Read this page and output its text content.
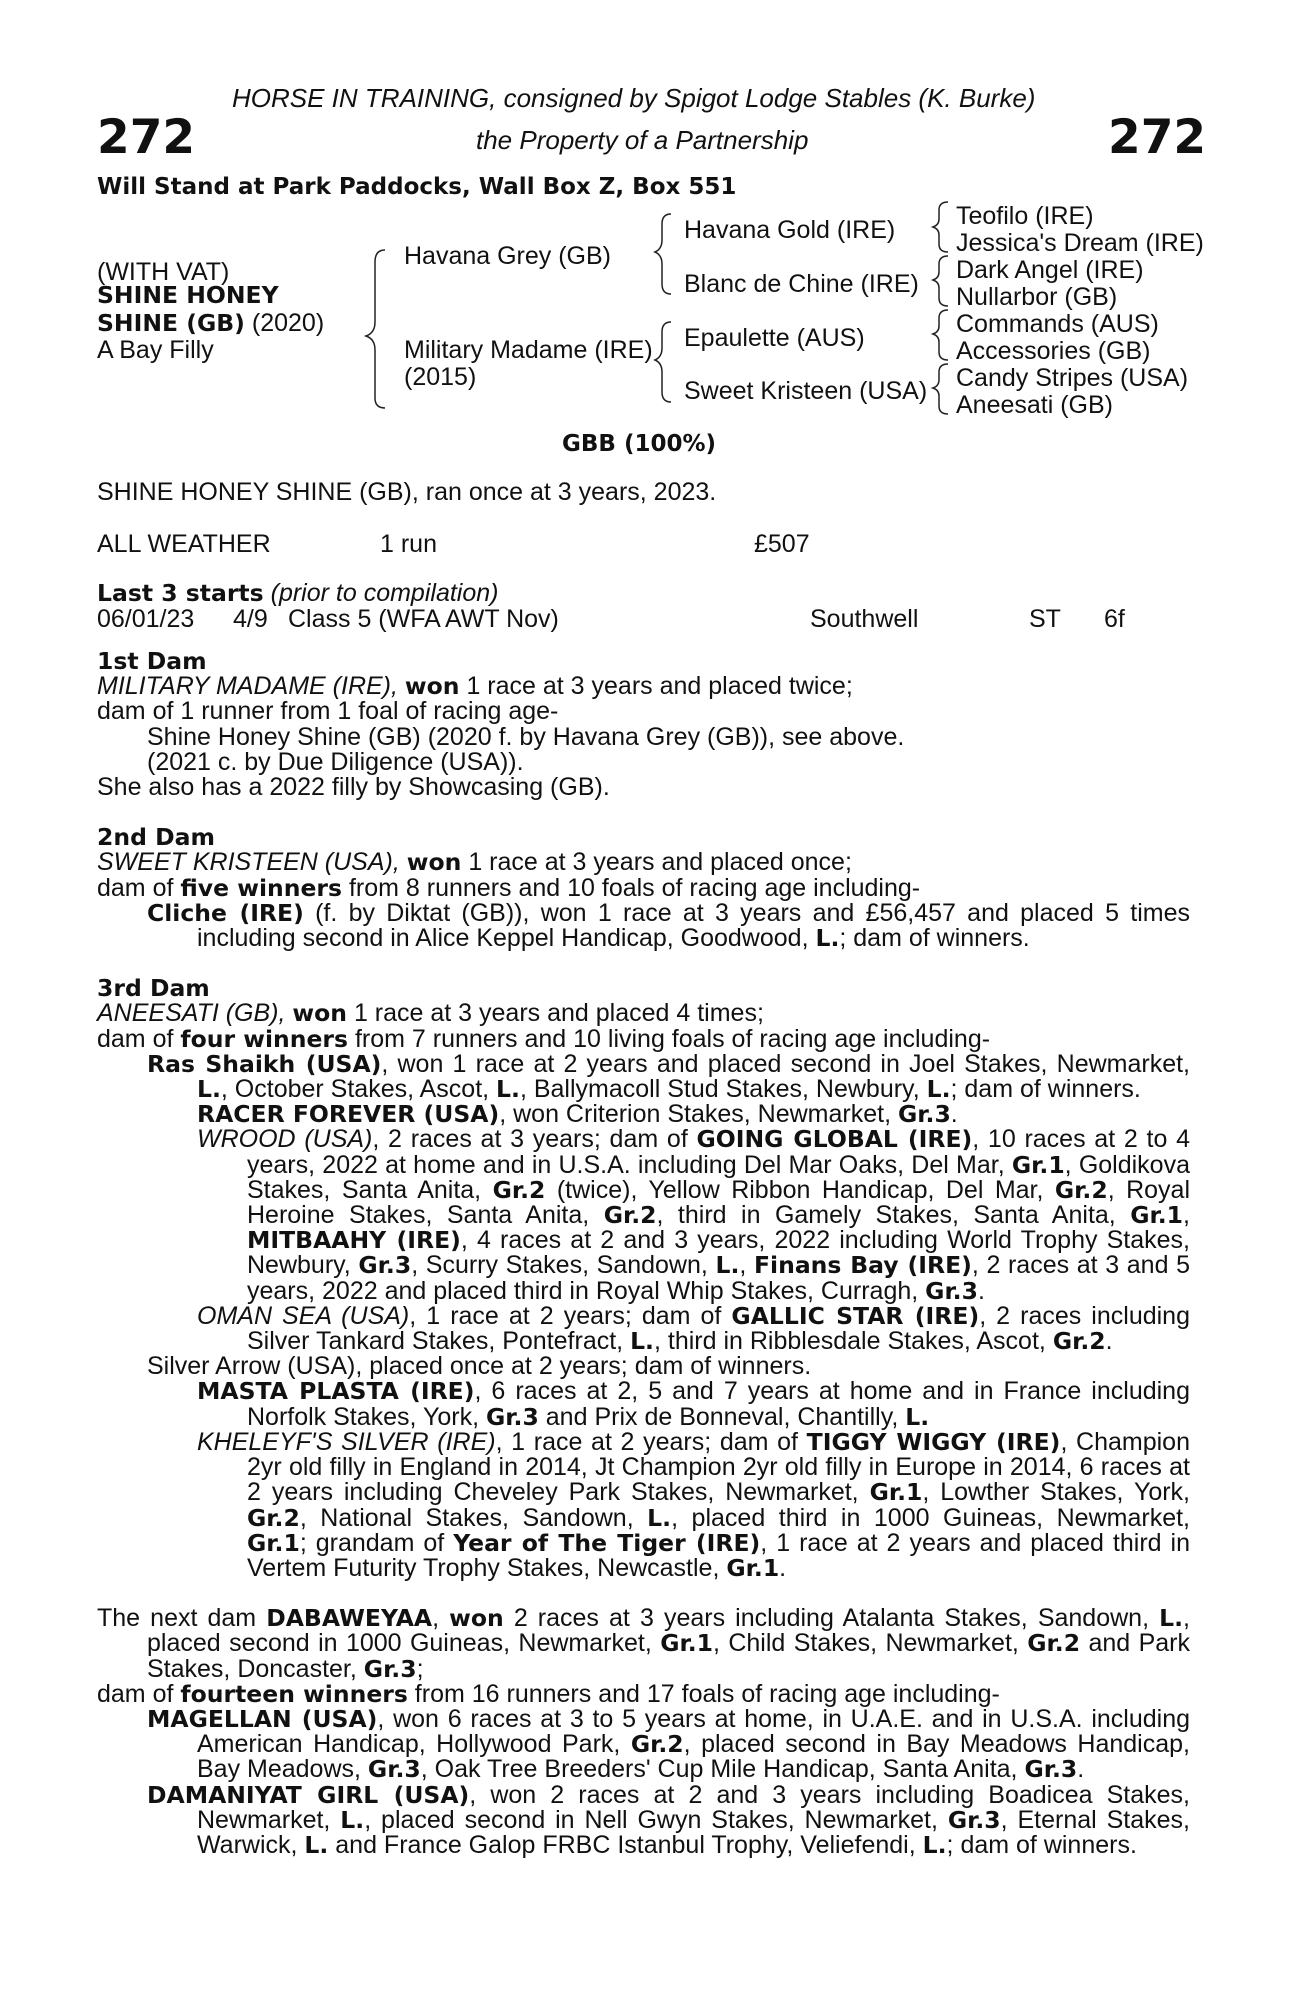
HORSE IN TRAINING, consigned by Spigot Lodge Stables (K. Burke)
272	the Property of a Partnership	272
Will Stand at Park Paddocks, Wall Box Z, Box 551
(WITH VAT)
SHINE HONEY
SHINE (GB) (2020)
A Bay Filly
Havana Grey (GB)
Military Madame (IRE)
(2015)
Havana Gold (IRE)
Blanc de Chine (IRE)
Epaulette (AUS)
Sweet Kristeen (USA)
Teofilo (IRE)
Jessica's Dream (IRE)
Dark Angel (IRE)
Nullarbor (GB)
Commands (AUS)
Accessories (GB)
Candy Stripes (USA)
Aneesati (GB)
GBB (100%)
SHINE HONEY SHINE (GB), ran once at 3 years, 2023.
ALL WEATHER	1 run	£507
Last 3 starts (prior to compilation)
06/01/23 4/9 Class 5 (WFA AWT Nov)	Southwell	ST 6f

1st Dam

MILITARY MADAME (IRE), won 1 race at 3 years and placed twice;

dam of 1 runner from 1 foal of racing age-

Shine Honey Shine (GB) (2020 f. by Havana Grey (GB)), see above.

(2021 c. by Due Diligence (USA)).

She also has a 2022 filly by Showcasing (GB).

2nd Dam

SWEET KRISTEEN (USA), won 1 race at 3 years and placed once;

dam of five winners from 8 runners and 10 foals of racing age including-

Cliche (IRE) (f. by Diktat (GB)), won 1 race at 3 years and £56,457 and placed 5 times including second in Alice Keppel Handicap, Goodwood, L.; dam of winners.

3rd Dam

ANEESATI (GB), won 1 race at 3 years and placed 4 times;

dam of four winners from 7 runners and 10 living foals of racing age including-

Ras Shaikh (USA), won 1 race at 2 years and placed second in Joel Stakes, Newmarket, L., October Stakes, Ascot, L., Ballymacoll Stud Stakes, Newbury, L.; dam of winners.

RACER FOREVER (USA), won Criterion Stakes, Newmarket, Gr.3.

WROOD (USA), 2 races at 3 years; dam of GOING GLOBAL (IRE), 10 races at 2 to 4 years, 2022 at home and in U.S.A. including Del Mar Oaks, Del Mar, Gr.1, Goldikova Stakes, Santa Anita, Gr.2 (twice), Yellow Ribbon Handicap, Del Mar, Gr.2, Royal Heroine Stakes, Santa Anita, Gr.2, third in Gamely Stakes, Santa Anita, Gr.1, MITBAAHY (IRE), 4 races at 2 and 3 years, 2022 including World Trophy Stakes, Newbury, Gr.3, Scurry Stakes, Sandown, L., Finans Bay (IRE), 2 races at 3 and 5 years, 2022 and placed third in Royal Whip Stakes, Curragh, Gr.3.

OMAN SEA (USA), 1 race at 2 years; dam of GALLIC STAR (IRE), 2 races including Silver Tankard Stakes, Pontefract, L., third in Ribblesdale Stakes, Ascot, Gr.2.

Silver Arrow (USA), placed once at 2 years; dam of winners.

MASTA PLASTA (IRE), 6 races at 2, 5 and 7 years at home and in France including Norfolk Stakes, York, Gr.3 and Prix de Bonneval, Chantilly, L.

KHELEYF'S SILVER (IRE), 1 race at 2 years; dam of TIGGY WIGGY (IRE), Champion 2yr old filly in England in 2014, Jt Champion 2yr old filly in Europe in 2014, 6 races at 2 years including Cheveley Park Stakes, Newmarket, Gr.1, Lowther Stakes, York, Gr.2, National Stakes, Sandown, L., placed third in 1000 Guineas, Newmarket, Gr.1; grandam of Year of The Tiger (IRE), 1 race at 2 years and placed third in Vertem Futurity Trophy Stakes, Newcastle, Gr.1.

The next dam DABAWEYAA, won 2 races at 3 years including Atalanta Stakes, Sandown, L., placed second in 1000 Guineas, Newmarket, Gr.1, Child Stakes, Newmarket, Gr.2 and Park Stakes, Doncaster, Gr.3;

dam of fourteen winners from 16 runners and 17 foals of racing age including-

MAGELLAN (USA), won 6 races at 3 to 5 years at home, in U.A.E. and in U.S.A. including American Handicap, Hollywood Park, Gr.2, placed second in Bay Meadows Handicap, Bay Meadows, Gr.3, Oak Tree Breeders' Cup Mile Handicap, Santa Anita, Gr.3.

DAMANIYAT GIRL (USA), won 2 races at 2 and 3 years including Boadicea Stakes, Newmarket, L., placed second in Nell Gwyn Stakes, Newmarket, Gr.3, Eternal Stakes, Warwick, L. and France Galop FRBC Istanbul Trophy, Veliefendi, L.; dam of winners.
